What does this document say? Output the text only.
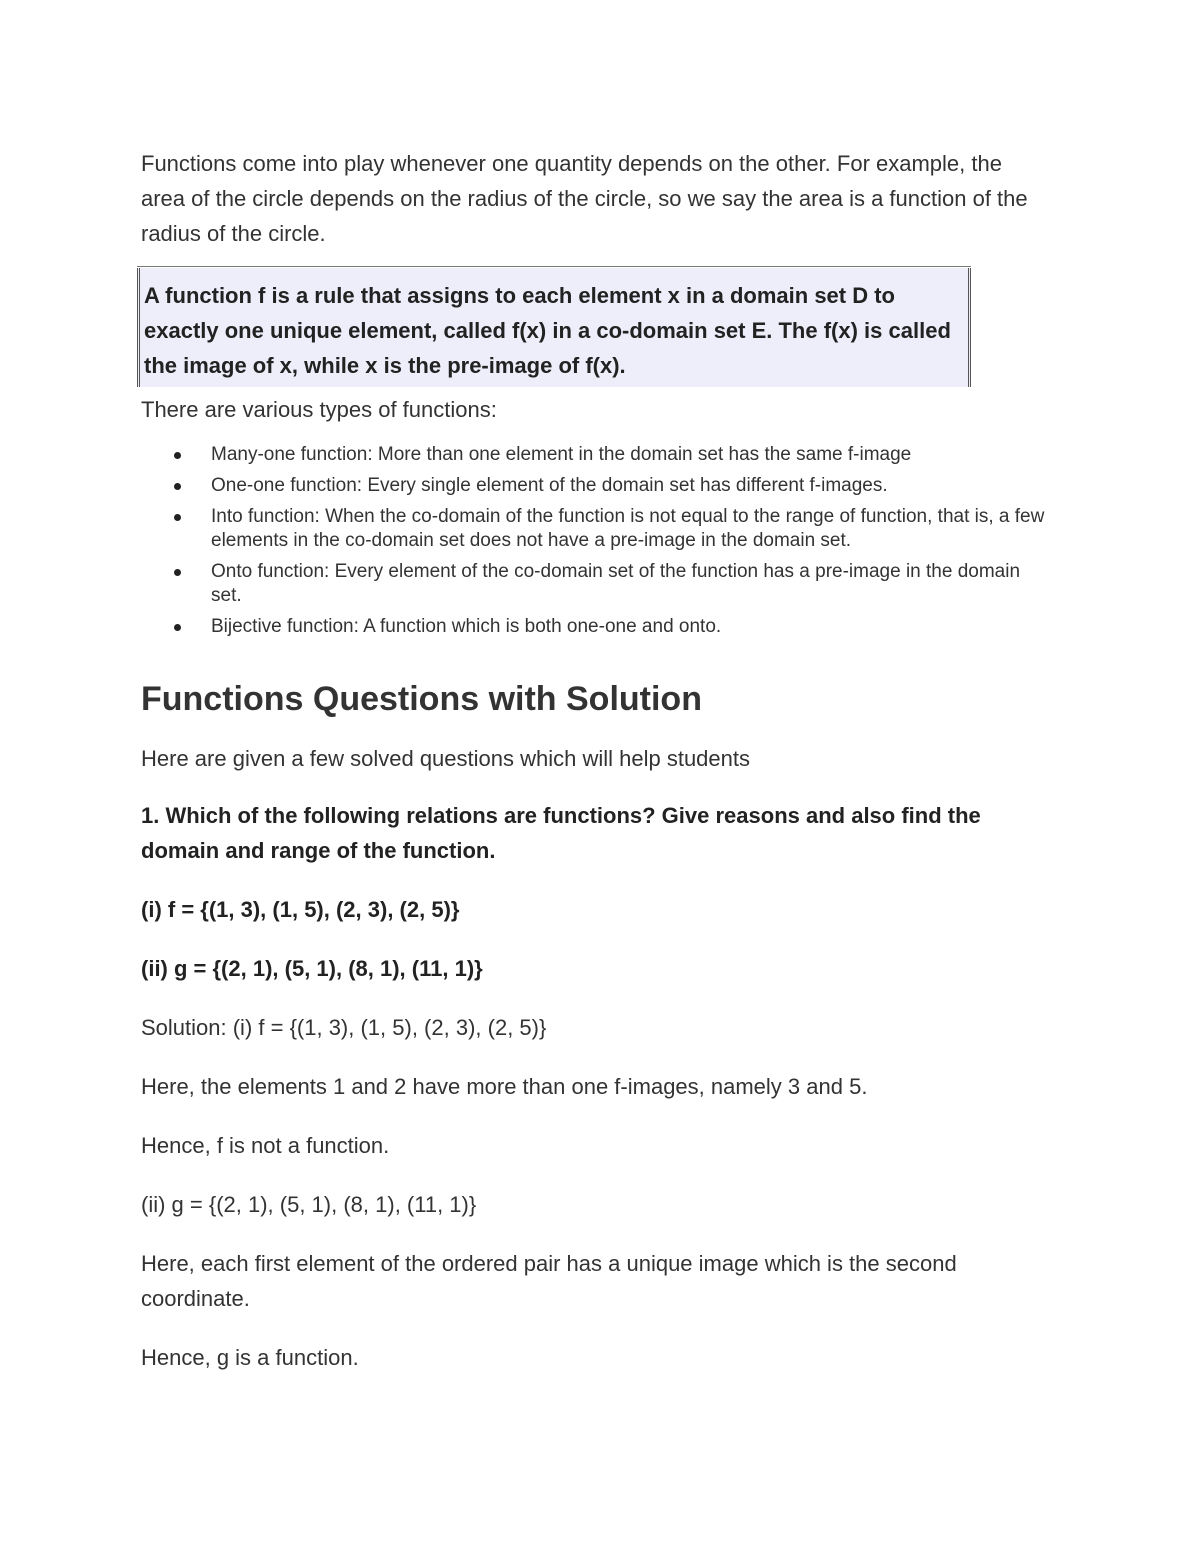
Functions come into play whenever one quantity depends on the other. For example, the area of the circle depends on the radius of the circle, so we say the area is a function of the radius of the circle.

A function f is a rule that assigns to each element x in a domain set D to exactly one unique element, called f(x) in a co-domain set E. The f(x) is called the image of x, while x is the pre-image of f(x).

There are various types of functions:

Many-one function: More than one element in the domain set has the same f-image
One-one function: Every single element of the domain set has different f-images.
Into function: When the co-domain of the function is not equal to the range of function, that is, a few elements in the co-domain set does not have a pre-image in the domain set.
Onto function: Every element of the co-domain set of the function has a pre-image in the domain set.
Bijective function: A function which is both one-one and onto.
Functions Questions with Solution

Here are given a few solved questions which will help students

1. Which of the following relations are functions? Give reasons and also find the domain and range of the function.

(i) f = {(1, 3), (1, 5), (2, 3), (2, 5)}

(ii) g = {(2, 1), (5, 1), (8, 1), (11, 1)}

Solution: (i) f = {(1, 3), (1, 5), (2, 3), (2, 5)}

Here, the elements 1 and 2 have more than one f-images, namely 3 and 5.

Hence, f is not a function.

(ii) g = {(2, 1), (5, 1), (8, 1), (11, 1)}

Here, each first element of the ordered pair has a unique image which is the second coordinate.

Hence, g is a function.
